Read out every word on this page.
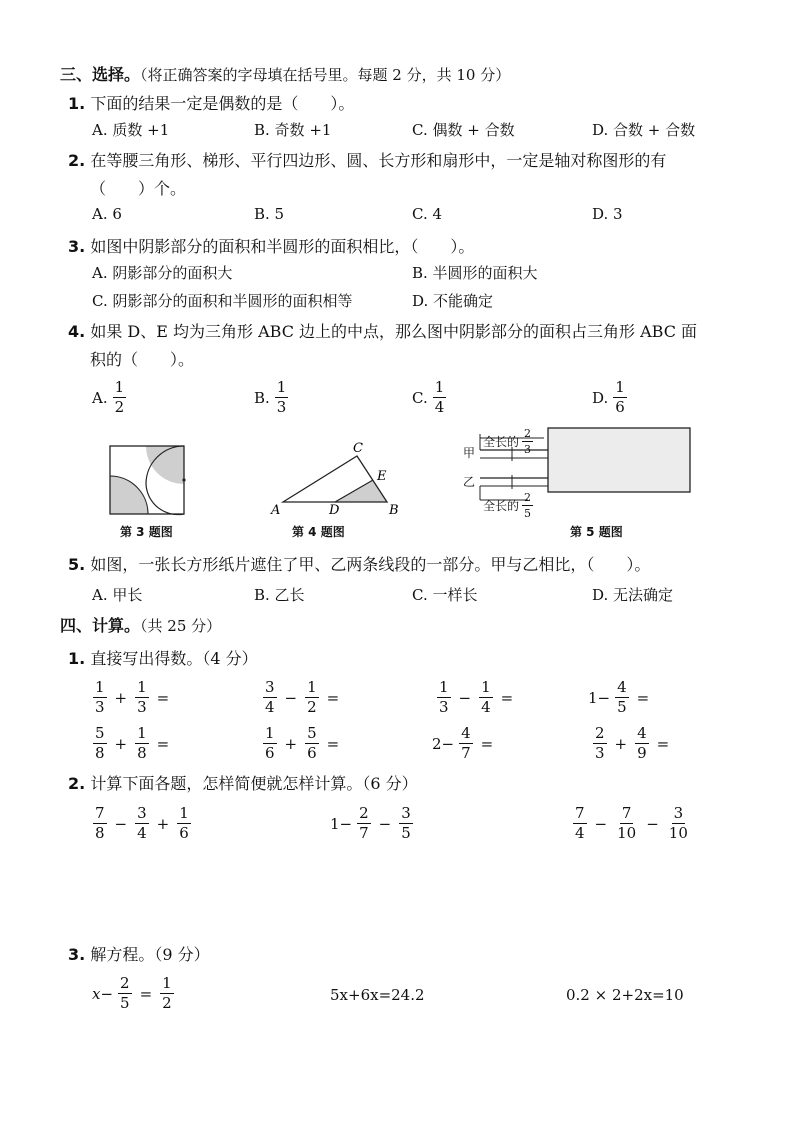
三、选择。（将正确答案的字母填在括号里。每题 2 分，共 10 分）
1. 下面的结果一定是偶数的是（　　）。
A. 质数 +1	B. 奇数 +1	C. 偶数 + 合数	D. 合数 + 合数
2. 在等腰三角形、梯形、平行四边形、圆、长方形和扇形中，一定是轴对称图形的有
（　　）个。
A. 6	B. 5	C. 4	D. 3
3. 如图中阴影部分的面积和半圆形的面积相比，（　　）。
A. 阴影部分的面积大	B. 半圆形的面积大
C. 阴影部分的面积和半圆形的面积相等	D. 不能确定
4. 如果 D、E 均为三角形 ABC 边上的中点，那么图中阴影部分的面积占三角形 ABC 面
积的（　　）。
A. $\frac{1}{2}$	B. $\frac{1}{3}$	C. $\frac{1}{4}$	D. $\frac{1}{6}$
第 3 题图
A	B
C
D
E
第 4 题图
全长的 $\frac{2}{3}$
甲
乙
全长的 $\frac{2}{5}$
第 5 题图
5. 如图，一张长方形纸片遮住了甲、乙两条线段的一部分。甲与乙相比，（　　）。
A. 甲长	B. 乙长	C. 一样长	D. 无法确定
四、计算。（共 25 分）
1. 直接写出得数。（4 分）
$\frac{1}{3} + \frac{1}{3}$ =	$\frac{3}{4} - \frac{1}{2}$ =	$\frac{1}{3} - \frac{1}{4}$ =	$1- \frac{4}{5}$ =
$\frac{5}{8} + \frac{1}{8}$ =	$\frac{1}{6} + \frac{5}{6}$ =	$2- \frac{4}{7}$ =	$\frac{2}{3} + \frac{4}{9}$ =
2. 计算下面各题，怎样简便就怎样计算。（6 分）
$\frac{7}{8} - \frac{3}{4} + \frac{1}{6}$	$1- \frac{2}{7} - \frac{3}{5}$	$\frac{7}{4} - \frac{7}{10} - \frac{3}{10}$
3. 解方程。（9 分）
$x- \frac{2}{5} = \frac{1}{2}$	5x+6x=24.2	0.2 × 2+2x=10
